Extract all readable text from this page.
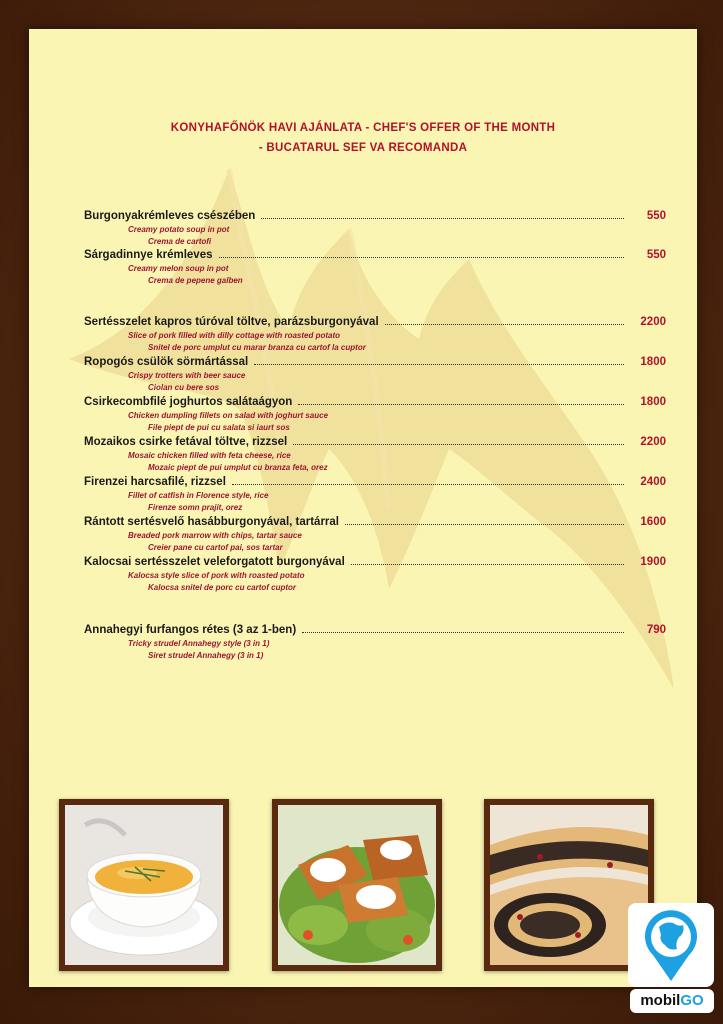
KONYHAFŐNÖK HAVI AJÁNLATA - CHEF'S OFFER OF THE MONTH
- BUCATARUL SEF VA RECOMANDA
Burgonyakrémleves csészében	550
Creamy potato soup in pot
Crema de cartofi
Sárgadinnye krémleves	550
Creamy melon soup in pot
Crema de pepene galben
Sertésszelet kapros túróval töltve, parázsburgonyával	2200
Slice of pork filled with dilly cottage with roasted potato
Snitel de porc umplut cu marar branza cu cartof la cuptor
Ropogós csülök sörmártással	1800
Crispy trotters with beer sauce
Ciolan cu bere sos
Csirkecombfilé joghurtos salátaágyon	1800
Chicken dumpling fillets on salad with joghurt sauce
File piept de pui cu salata si iaurt sos
Mozaikos csirke fetával töltve, rizzsel	2200
Mosaic chicken filled with feta cheese, rice
Mozaic piept de pui umplut cu branza feta, orez
Firenzei harcsafilé, rizzsel	2400
Fillet of catfish in Florence style, rice
Firenze somn prajit, orez
Rántott sertésvelő hasábburgonyával, tartárral	1600
Breaded pork marrow with chips, tartar sauce
Creier pane cu cartof pai, sos tartar
Kalocsai sertésszelet veleforgatott burgonyával	1900
Kalocsa style slice of pork with roasted potato
Kalocsa snitel de porc cu cartof cuptor
Annahegyi furfangos rétes (3 az 1-ben)	790
Tricky strudel Annahegy style (3 in 1)
Siret strudel Annahegy (3 in 1)
mobilGO
